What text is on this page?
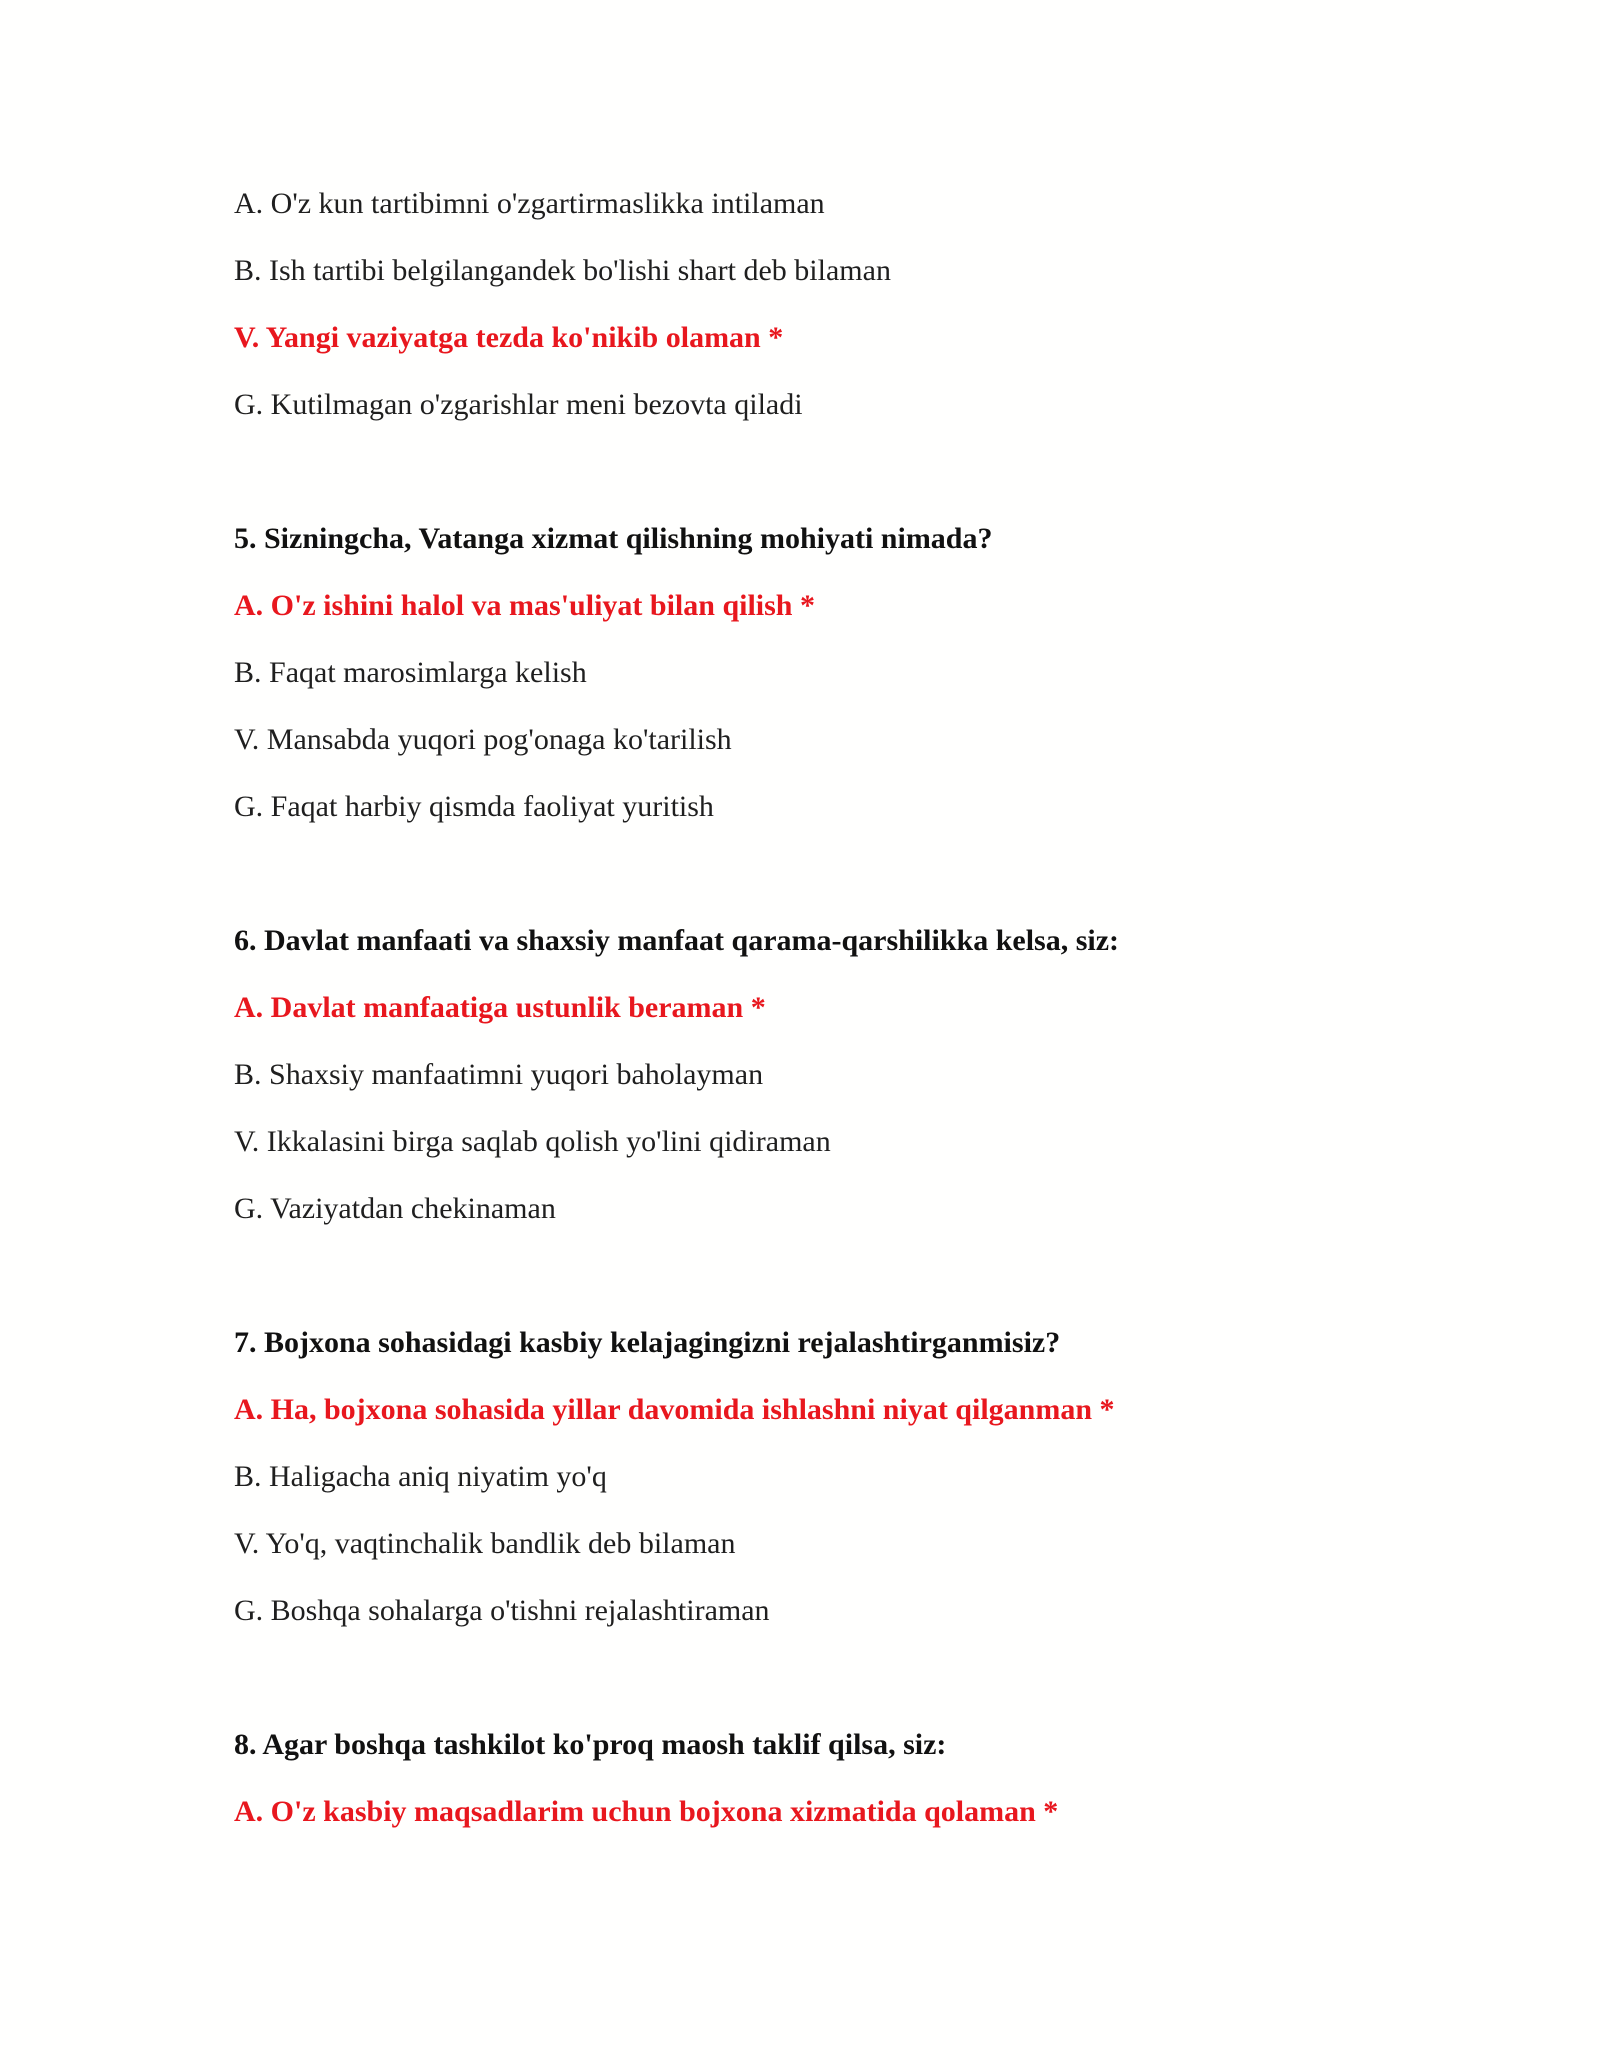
A. O'z kun tartibimni o'zgartirmaslikka intilaman
B. Ish tartibi belgilangandek bo'lishi shart deb bilaman
V. Yangi vaziyatga tezda ko'nikib olaman *
G. Kutilmagan o'zgarishlar meni bezovta qiladi
5. Sizningcha, Vatanga xizmat qilishning mohiyati nimada?
A. O'z ishini halol va mas'uliyat bilan qilish *
B. Faqat marosimlarga kelish
V. Mansabda yuqori pog'onaga ko'tarilish
G. Faqat harbiy qismda faoliyat yuritish
6. Davlat manfaati va shaxsiy manfaat qarama-qarshilikka kelsa, siz:
A. Davlat manfaatiga ustunlik beraman *
B. Shaxsiy manfaatimni yuqori baholayman
V. Ikkalasini birga saqlab qolish yo'lini qidiraman
G. Vaziyatdan chekinaman
7. Bojxona sohasidagi kasbiy kelajagingizni rejalashtirganmisiz?
A. Ha, bojxona sohasida yillar davomida ishlashni niyat qilganman *
B. Haligacha aniq niyatim yo'q
V. Yo'q, vaqtinchalik bandlik deb bilaman
G. Boshqa sohalarga o'tishni rejalashtiraman
8. Agar boshqa tashkilot ko'proq maosh taklif qilsa, siz:
A. O'z kasbiy maqsadlarim uchun bojxona xizmatida qolaman *
